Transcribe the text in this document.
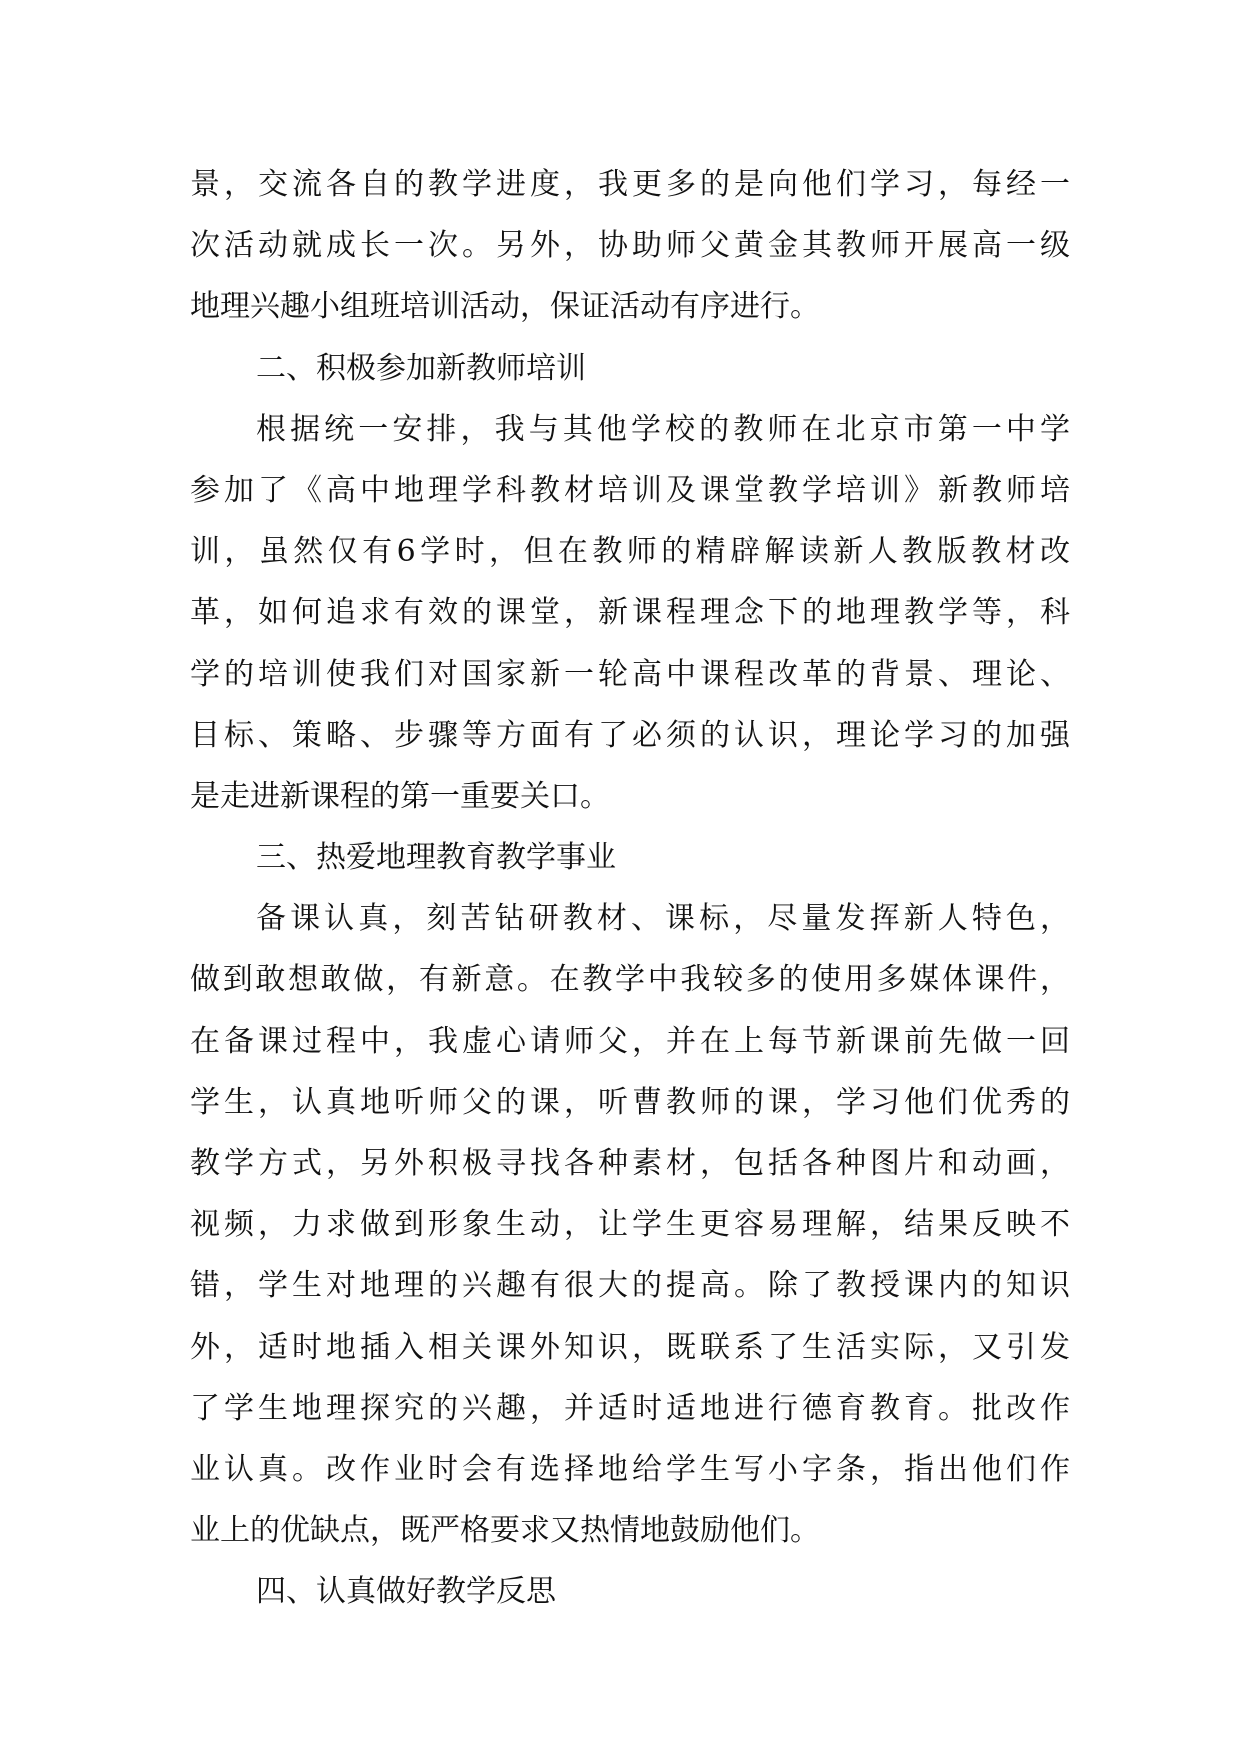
景，交流各自的教学进度，我更多的是向他们学习，每经一
次活动就成长一次。另外，协助师父黄金其教师开展高一级
地理兴趣小组班培训活动，保证活动有序进行。
二、积极参加新教师培训
根据统一安排，我与其他学校的教师在北京市第一中学
参加了《高中地理学科教材培训及课堂教学培训》新教师培
训，虽然仅有6学时，但在教师的精辟解读新人教版教材改
革，如何追求有效的课堂，新课程理念下的地理教学等，科
学的培训使我们对国家新一轮高中课程改革的背景、理论、
目标、策略、步骤等方面有了必须的认识，理论学习的加强
是走进新课程的第一重要关口。
三、热爱地理教育教学事业
备课认真，刻苦钻研教材、课标，尽量发挥新人特色，
做到敢想敢做，有新意。在教学中我较多的使用多媒体课件，
在备课过程中，我虚心请师父，并在上每节新课前先做一回
学生，认真地听师父的课，听曹教师的课，学习他们优秀的
教学方式，另外积极寻找各种素材，包括各种图片和动画，
视频，力求做到形象生动，让学生更容易理解，结果反映不
错，学生对地理的兴趣有很大的提高。除了教授课内的知识
外，适时地插入相关课外知识，既联系了生活实际，又引发
了学生地理探究的兴趣，并适时适地进行德育教育。批改作
业认真。改作业时会有选择地给学生写小字条，指出他们作
业上的优缺点，既严格要求又热情地鼓励他们。
四、认真做好教学反思
